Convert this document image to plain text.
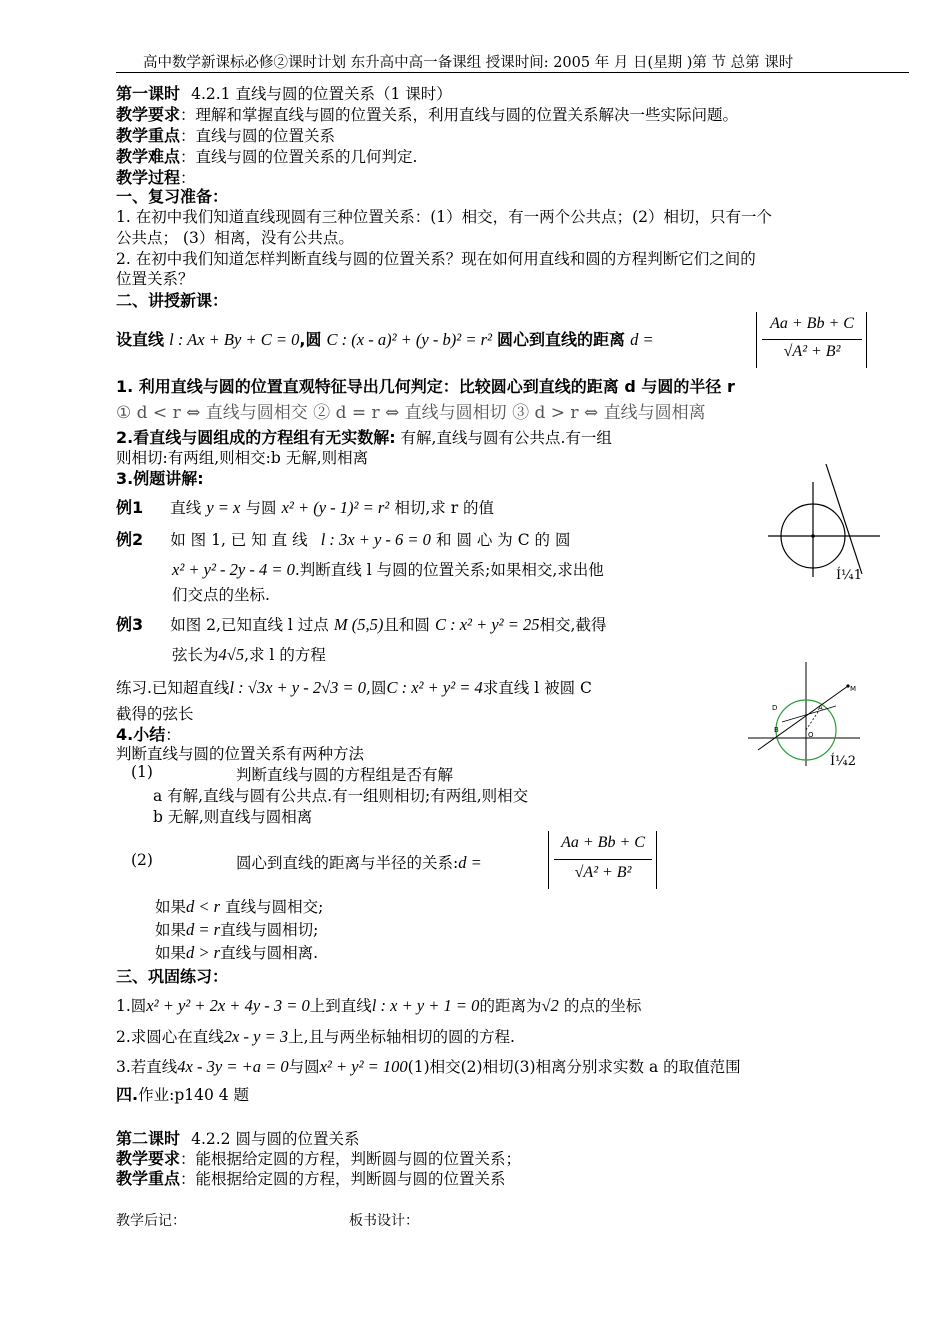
高中数学新课标必修②课时计划 东升高中高一备课组 授课时间: 2005 年 月 日(星期 )第 节 总第 课时
第一课时 4.2.1 直线与圆的位置关系（1 课时）
教学要求：理解和掌握直线与圆的位置关系，利用直线与圆的位置关系解决一些实际问题。
教学重点：直线与圆的位置关系
教学难点：直线与圆的位置关系的几何判定.
教学过程：
一、复习准备：
1. 在初中我们知道直线现圆有三种位置关系：(1）相交，有一两个公共点；(2）相切，只有一个
公共点； (3）相离，没有公共点。
2. 在初中我们知道怎样判断直线与圆的位置关系？现在如何用直线和圆的方程判断它们之间的
位置关系？
二、讲授新课：
设直线 l : Ax + By + C = 0,圆 C : (x - a)² + (y - b)² = r² 圆心到直线的距离 d =
Aa + Bb + C
√A² + B²
1. 利用直线与圆的位置直观特征导出几何判定：比较圆心到直线的距离 d 与圆的半径 r
① d < r ⇔ 直线与圆相交 ② d = r ⇔ 直线与圆相切 ③ d > r ⇔ 直线与圆相离
2.看直线与圆组成的方程组有无实数解: 有解,直线与圆有公共点.有一组
则相切:有两组,则相交:b 无解,则相离
3.例题讲解:
例1 直线 y = x 与圆 x² + (y - 1)² = r² 相切,求 r 的值
例2 如 图 1, 已 知 直 线 l : 3x + y - 6 = 0 和 圆 心 为 C 的 圆
x² + y² - 2y - 4 = 0.判断直线 l 与圆的位置关系;如果相交,求出他
们交点的坐标.
例3 如图 2,已知直线 l 过点 M (5,5)且和圆 C : x² + y² = 25相交,截得
弦长为4√5,求 l 的方程
练习.已知超直线l : √3x + y - 2√3 = 0,圆C : x² + y² = 4求直线 l 被圆 C
截得的弦长
4.小结：
判断直线与圆的位置关系有两种方法
(1)	判断直线与圆的方程组是否有解
a 有解,直线与圆有公共点.有一组则相切;有两组,则相交
b 无解,则直线与圆相离
(2)	圆心到直线的距离与半径的关系:d =
Aa + Bb + C
√A² + B²
如果d < r 直线与圆相交;
如果d = r直线与圆相切;
如果d > r直线与圆相离.
三、巩固练习：
1.圆x² + y² + 2x + 4y - 3 = 0上到直线l : x + y + 1 = 0的距离为√2 的点的坐标
2.求圆心在直线2x - y = 3上,且与两坐标轴相切的圆的方程.
3.若直线4x - 3y = +a = 0与圆x² + y² = 100(1)相交(2)相切(3)相离分别求实数 a 的取值范围
四.作业:p140 4 题
第二课时 4.2.2 圆与圆的位置关系
教学要求：能根据给定圆的方程，判断圆与圆的位置关系；
教学重点：能根据给定圆的方程，判断圆与圆的位置关系
教学后记：	板书设计：
Í¼1
M
D	A
O
B
Í¼2
